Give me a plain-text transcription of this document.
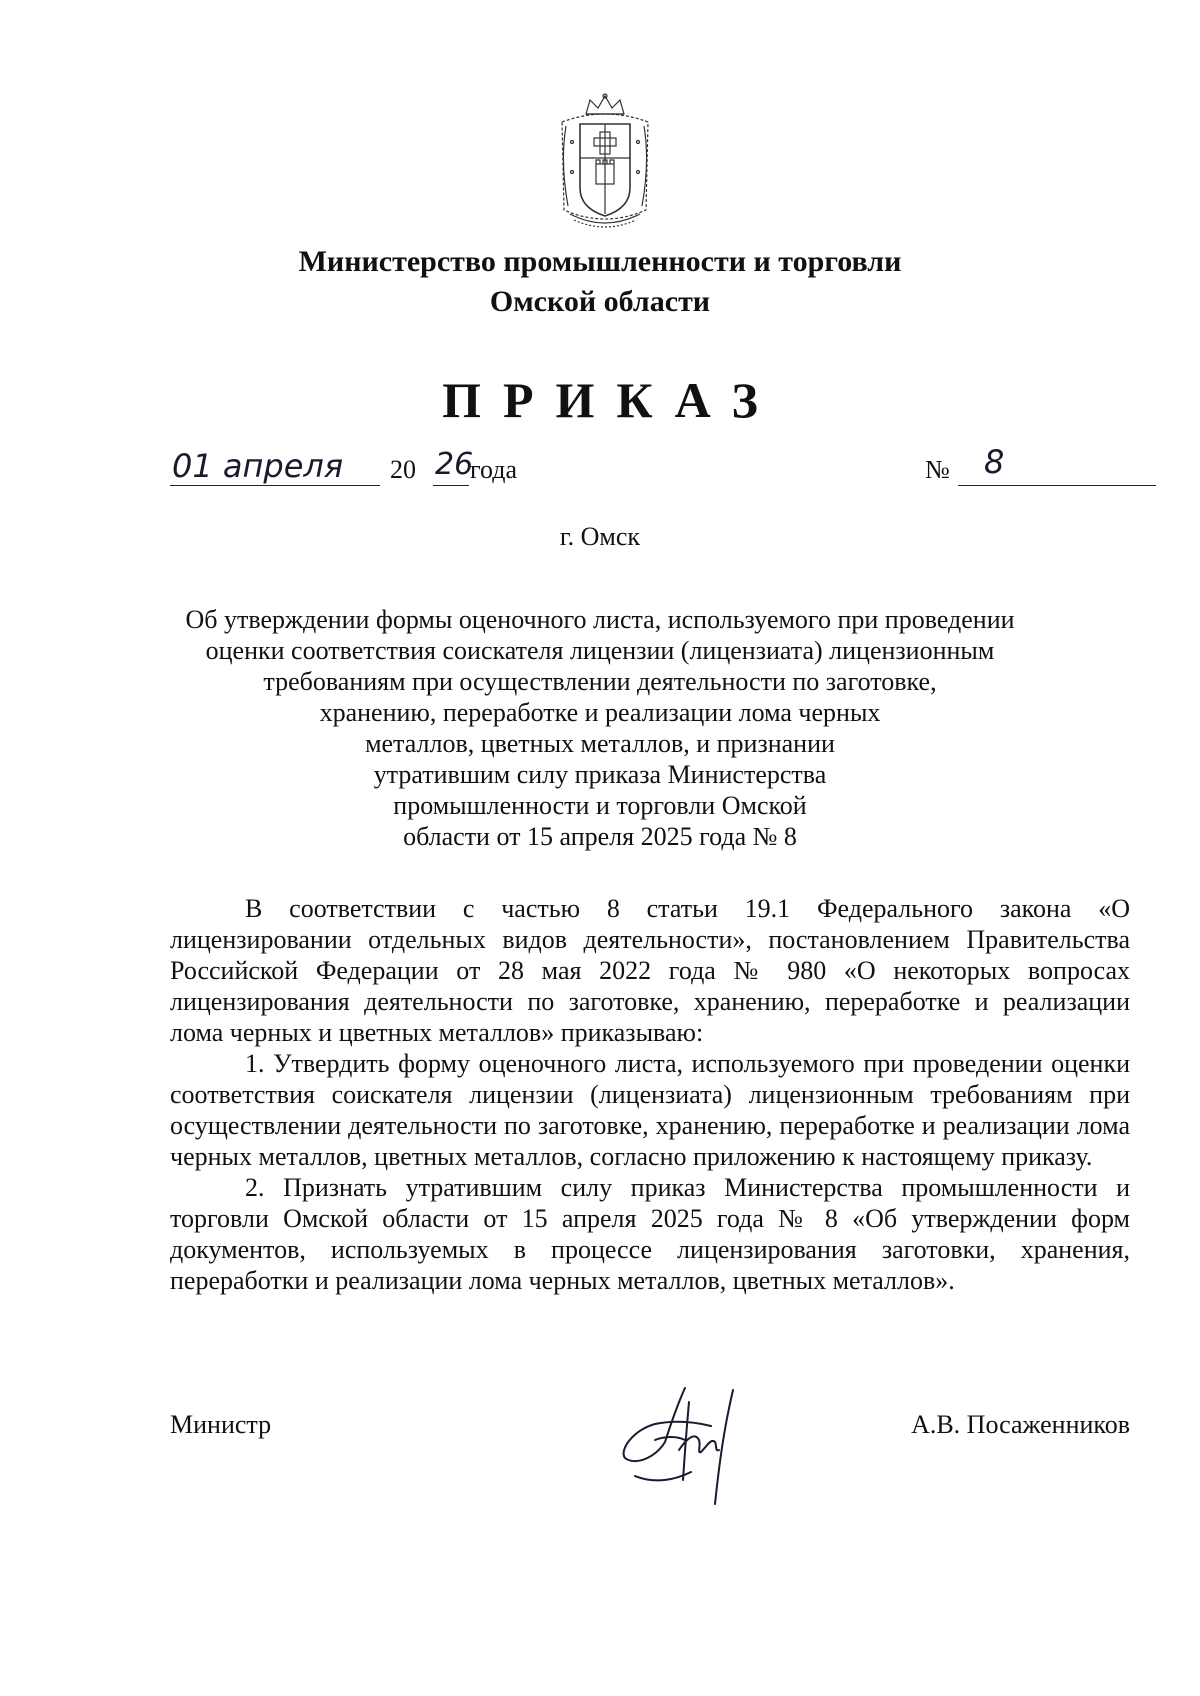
Министерство промышленности и торговли
Омской области
ПРИКАЗ
01 апреля 20 26
года	№ 8
г. Омск
Об утверждении формы оценочного листа, используемого при проведении
оценки соответствия соискателя лицензии (лицензиата) лицензионным
требованиям при осуществлении деятельности по заготовке,
хранению, переработке и реализации лома черных
металлов, цветных металлов, и признании
утратившим силу приказа Министерства
промышленности и торговли Омской
области от 15 апреля 2025 года № 8
В соответствии с частью 8 статьи 19.1 Федерального закона «О лицензировании отдельных видов деятельности», постановлением Правительства Российской Федерации от 28 мая 2022 года № 980 «О некоторых вопросах лицензирования деятельности по заготовке, хранению, переработке и реализации лома черных и цветных металлов» приказываю:
1. Утвердить форму оценочного листа, используемого при проведении оценки соответствия соискателя лицензии (лицензиата) лицензионным требованиям при осуществлении деятельности по заготовке, хранению, переработке и реализации лома черных металлов, цветных металлов, согласно приложению к настоящему приказу.
2. Признать утратившим силу приказ Министерства промышленности и торговли Омской области от 15 апреля 2025 года № 8 «Об утверждении форм документов, используемых в процессе лицензирования заготовки, хранения, переработки и реализации лома черных металлов, цветных металлов».
Министр	А.В. Посаженников
